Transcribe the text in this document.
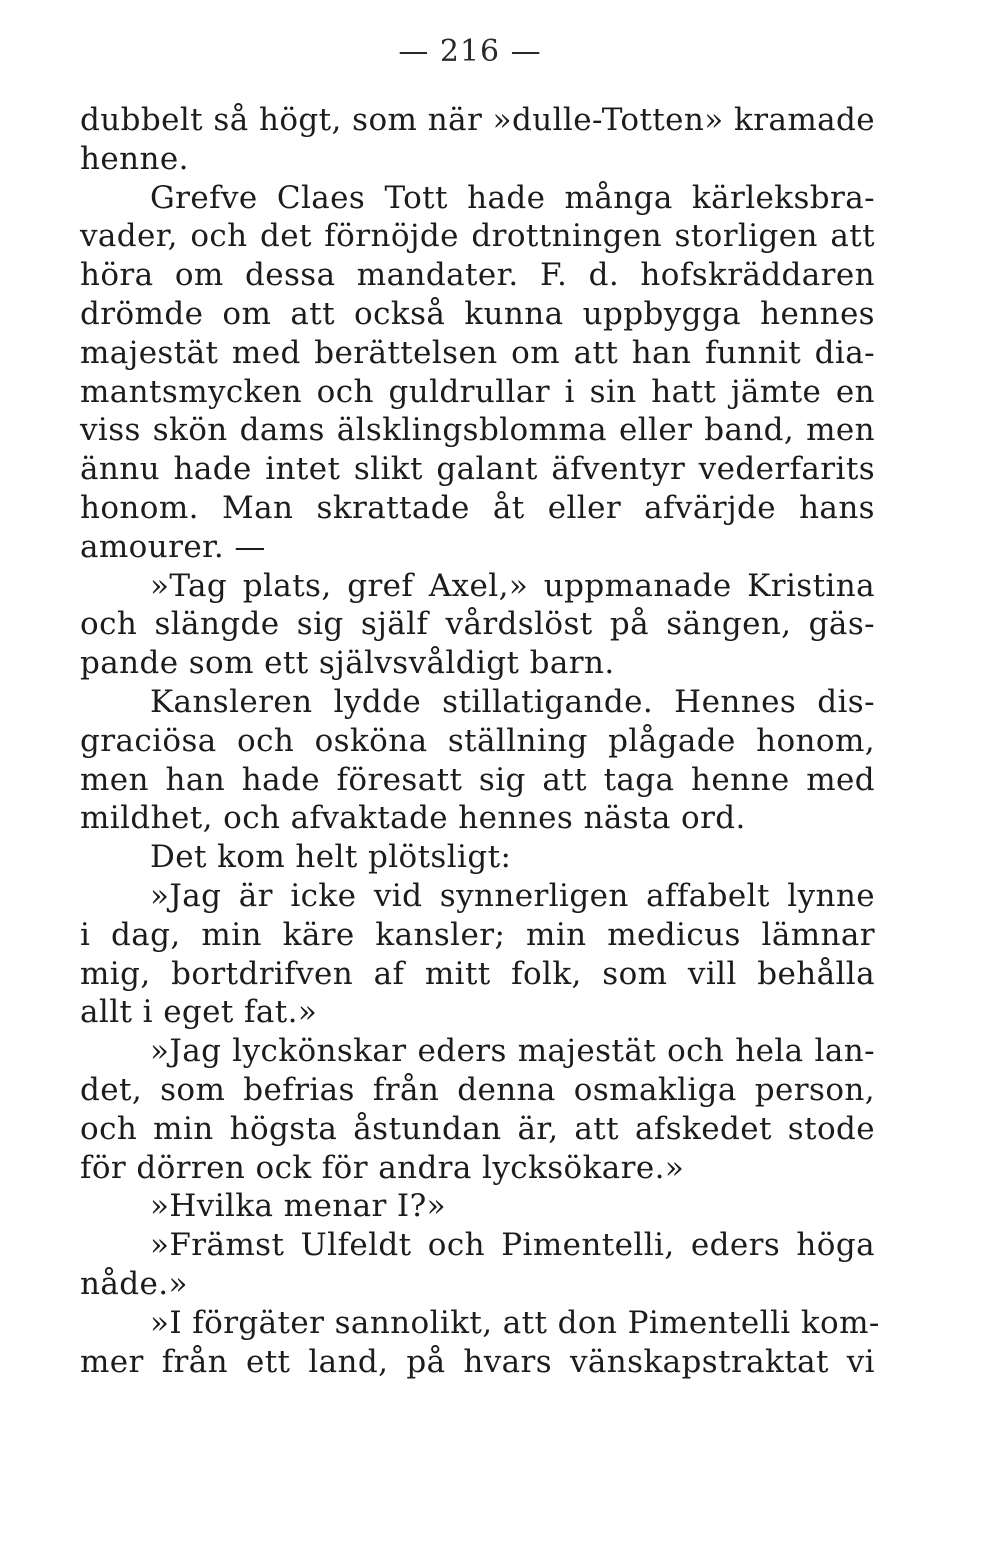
— 216 —
dubbelt så högt, som när »dulle-Totten» kramade
henne.
Grefve Claes Tott hade många kärleksbra-
vader, och det förnöjde drottningen storligen att
höra om dessa mandater. F. d. hofskräddaren
drömde om att också kunna uppbygga hennes
majestät med berättelsen om att han funnit dia-
mantsmycken och guldrullar i sin hatt jämte en
viss skön dams älsklingsblomma eller band, men
ännu hade intet slikt galant äfventyr vederfarits
honom. Man skrattade åt eller afvärjde hans
amourer. —
»Tag plats, gref Axel,» uppmanade Kristina
och slängde sig själf vårdslöst på sängen, gäs-
pande som ett självsvåldigt barn.
Kansleren lydde stillatigande. Hennes dis-
graciösa och osköna ställning plågade honom,
men han hade föresatt sig att taga henne med
mildhet, och afvaktade hennes nästa ord.
Det kom helt plötsligt:
»Jag är icke vid synnerligen affabelt lynne
i dag, min käre kansler; min medicus lämnar
mig, bortdrifven af mitt folk, som vill behålla
allt i eget fat.»
»Jag lyckönskar eders majestät och hela lan-
det, som befrias från denna osmakliga person,
och min högsta åstundan är, att afskedet stode
för dörren ock för andra lycksökare.»
»Hvilka menar I?»
»Främst Ulfeldt och Pimentelli, eders höga
nåde.»
»I förgäter sannolikt, att don Pimentelli kom-
mer från ett land, på hvars vänskapstraktat vi
